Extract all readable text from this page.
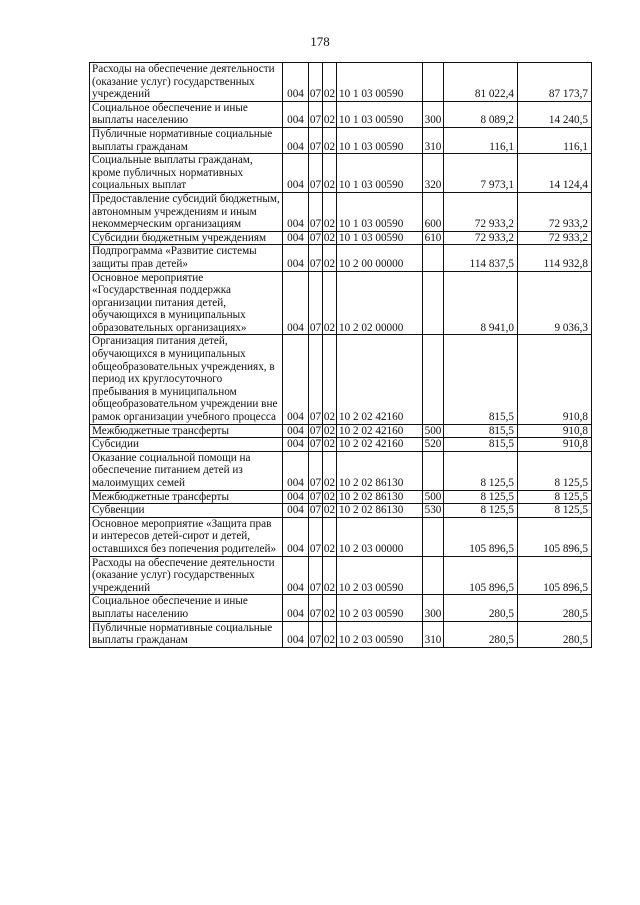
178
Расходы на обеспечение деятельности (оказание услуг) государственных учреждений	004	07	02	10 1 03 00590		81 022,4	87 173,7
Социальное обеспечение и иные выплаты населению	004	07	02	10 1 03 00590	300	8 089,2	14 240,5
Публичные нормативные социальные выплаты гражданам	004	07	02	10 1 03 00590	310	116,1	116,1
Социальные выплаты гражданам, кроме публичных нормативных социальных выплат	004	07	02	10 1 03 00590	320	7 973,1	14 124,4
Предоставление субсидий бюджетным, автономным учреждениям и иным некоммерческим организациям	004	07	02	10 1 03 00590	600	72 933,2	72 933,2
Субсидии бюджетным учреждениям	004	07	02	10 1 03 00590	610	72 933,2	72 933,2
Подпрограмма «Развитие системы защиты прав детей»	004	07	02	10 2 00 00000		114 837,5	114 932,8
Основное мероприятие «Государственная поддержка организации питания детей, обучающихся в муниципальных образовательных организациях»	004	07	02	10 2 02 00000		8 941,0	9 036,3
Организация питания детей, обучающихся в муниципальных общеобразовательных учреждениях, в период их круглосуточного пребывания в муниципальном общеобразовательном учреждении вне рамок организации учебного процесса	004	07	02	10 2 02 42160		815,5	910,8
Межбюджетные трансферты	004	07	02	10 2 02 42160	500	815,5	910,8
Субсидии	004	07	02	10 2 02 42160	520	815,5	910,8
Оказание социальной помощи на обеспечение питанием детей из малоимущих семей	004	07	02	10 2 02 86130		8 125,5	8 125,5
Межбюджетные трансферты	004	07	02	10 2 02 86130	500	8 125,5	8 125,5
Субвенции	004	07	02	10 2 02 86130	530	8 125,5	8 125,5
Основное мероприятие «Защита прав и интересов детей-сирот и детей, оставшихся без попечения родителей»	004	07	02	10 2 03 00000		105 896,5	105 896,5
Расходы на обеспечение деятельности (оказание услуг) государственных учреждений	004	07	02	10 2 03 00590		105 896,5	105 896,5
Социальное обеспечение и иные выплаты населению	004	07	02	10 2 03 00590	300	280,5	280,5
Публичные нормативные социальные выплаты гражданам	004	07	02	10 2 03 00590	310	280,5	280,5
